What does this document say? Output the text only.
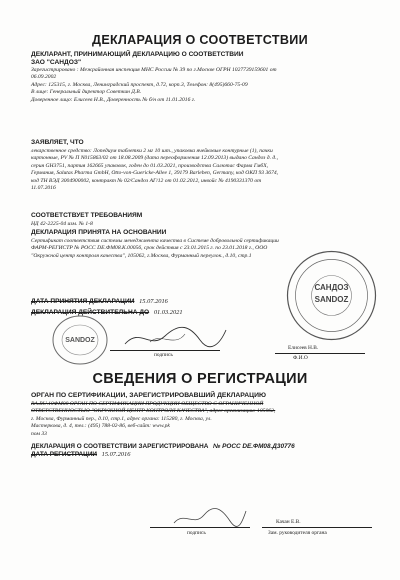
ДЕКЛАРАЦИЯ О СООТВЕТСТВИИ
ДЕКЛАРАНТ, ПРИНИМАЮЩИЙ ДЕКЛАРАЦИЮ О СООТВЕТСТВИИ
ЗАО "САНДОЗ"
Зарегистрировано : Межрайонная инспекция МНС России № 39 по г.Москве ОГРН 1027739159601 от
06.09.2002
Адрес: 125315, г. Москва, Ленинградский проспект, д.72, корп.3, Телефон: 8(495)660-75-09
В лице: Генеральный директор Советкин Д.В.
Доверенное лицо: Елисеев Н.В., Доверенность № б/н от 11.01.2016 г.
ЗАЯВЛЯЕТ, ЧТО
лекарственное средство: Лопедиум таблетки 2 мг 10 шт., упаковка ячейковые контурные (1), пачки
картонные, PV № П N015863/02 от 18.08.2009 (дата переоформления 12.09.2013) выдано Сандоз д. д.,
серия GH3751, партия 162665 упаковок, годен до 01.03.2021, производства Салютас Фарма ГмбХ,
Германия, Salutas Pharma GmbH, Otto-von-Guericke-Allee 1, 39179 Barleben, Germany, код ОКП 93 3674,
код ТН ВЭД 3004900002, контракт № 02/Сандоз АГ/12 от 01.02.2012, инвойс № 4190331370 от
11.07.2016
СООТВЕТСТВУЕТ ТРЕБОВАНИЯМ
НД 42-2225-04 изм. № 1-8
ДЕКЛАРАЦИЯ ПРИНЯТА НА ОСНОВАНИИ
Сертификат соответствия системы менеджмента качества в Системе добровольной сертификации
ФАРМ-РЕГИСТР № РОСС DE.ФМ08.К.00056, срок действия с 23.01.2015 г. по 23.01.2018 г., ООО
"Окружной центр контроля качества", 105062, г.Москва, Фурманный переулок., д.10, стр.1
ДАТА ПРИНЯТИЯ ДЕКЛАРАЦИИ 15.07.2016
ДЕКЛАРАЦИЯ ДЕЙСТВИТЕЛЬНА ДО 01.03.2021
SANDOZ
подпись
САНДОЗ
SANDOZ
Елисеев Н.В.
Ф.И.О
СВЕДЕНИЯ О РЕГИСТРАЦИИ
ОРГАН ПО СЕРТИФИКАЦИИ, ЗАРЕГИСТРИРОВАВШИЙ ДЕКЛАРАЦИЮ
RA.RU.10ФМ08 ОРГАН ПО СЕРТИФИКАЦИИ ПРОДУКЦИИ ОБЩЕСТВО С ОГРАНИЧЕННОЙ
ОТВЕТСТВЕННОСТЬЮ "ОКРУЖНОЙ ЦЕНТР КОНТРОЛЯ КАЧЕСТВА", адрес организации: 105062,
г. Москва, Фурманный пер., д.10, стр.1, адрес органа: 115280, г. Москва, ул.
Мастеркова, д. 4, тел.: (495) 788-02-86, веб-сайт: www.pk
пом 33
ДЕКЛАРАЦИЯ О СООТВЕТСТВИИ ЗАРЕГИСТРИРОВАНА № РОСС DE.ФМ08.Д30776
ДАТА РЕГИСТРАЦИИ 15.07.2016
подпись
Качан Е.В.
Зам. руководителя органа
